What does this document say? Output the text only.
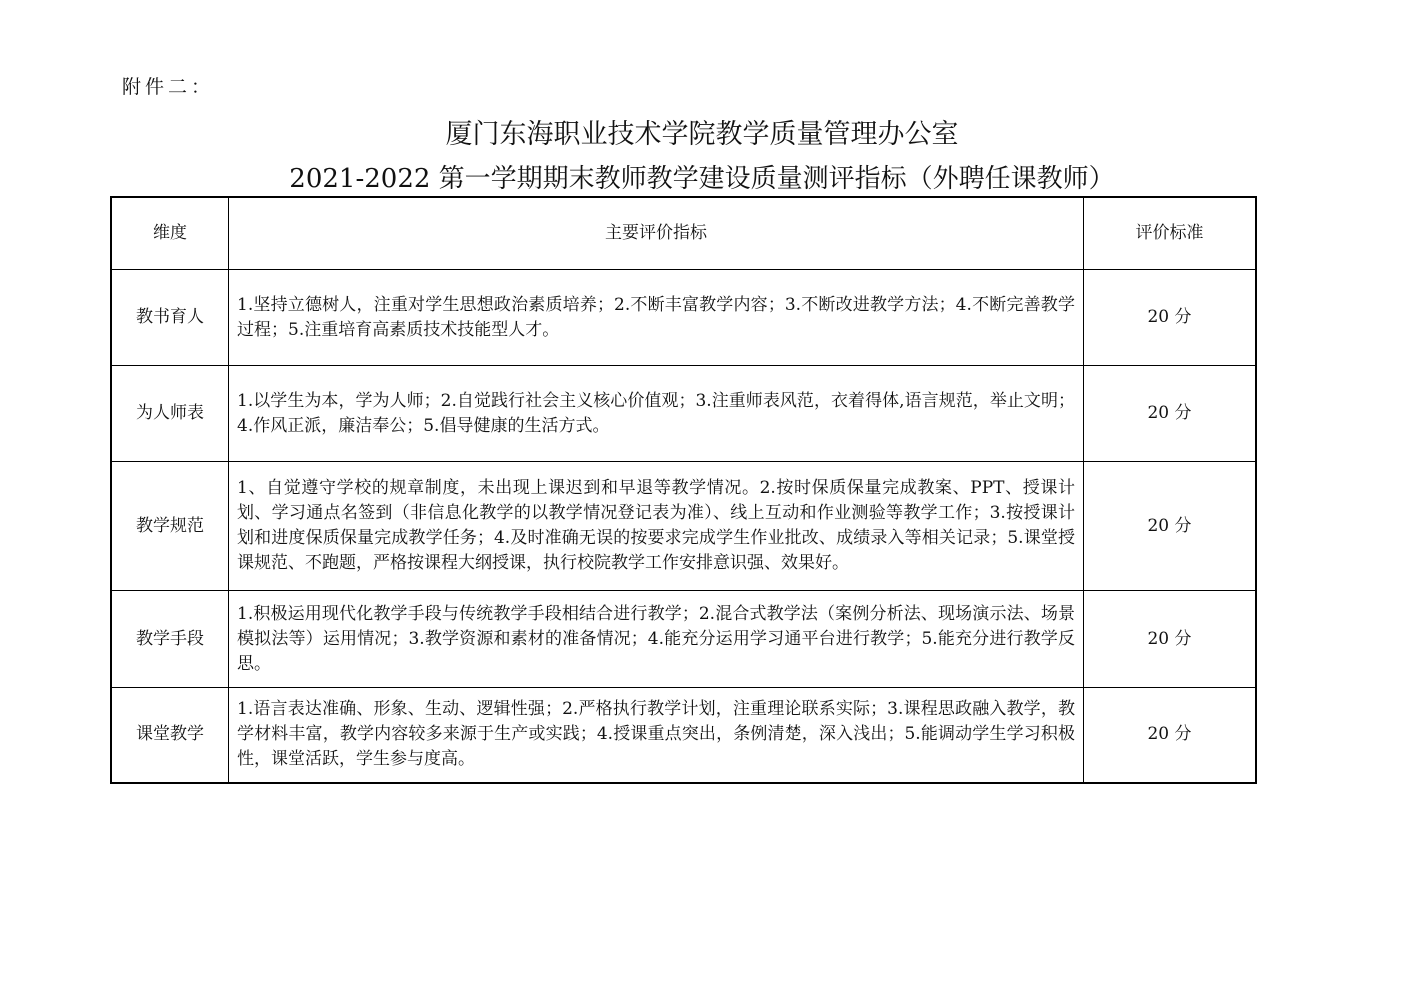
附件二：
厦门东海职业技术学院教学质量管理办公室
2021-2022 第一学期期末教师教学建设质量测评指标（外聘任课教师）
维度	主要评价指标	评价标准
教书育人	1.坚持立德树人，注重对学生思想政治素质培养；2.不断丰富教学内容；3.不断改进教学方法；4.不断完善教学过程；5.注重培育高素质技术技能型人才。	20 分
为人师表	1.以学生为本，学为人师；2.自觉践行社会主义核心价值观；3.注重师表风范，衣着得体,语言规范，举止文明；4.作风正派，廉洁奉公；5.倡导健康的生活方式。	20 分
教学规范	1、自觉遵守学校的规章制度，未出现上课迟到和早退等教学情况。2.按时保质保量完成教案、PPT、授课计划、学习通点名签到（非信息化教学的以教学情况登记表为准）、线上互动和作业测验等教学工作；3.按授课计划和进度保质保量完成教学任务；4.及时准确无误的按要求完成学生作业批改、成绩录入等相关记录；5.课堂授课规范、不跑题，严格按课程大纲授课，执行校院教学工作安排意识强、效果好。	20 分
教学手段	1.积极运用现代化教学手段与传统教学手段相结合进行教学；2.混合式教学法（案例分析法、现场演示法、场景模拟法等）运用情况；3.教学资源和素材的准备情况；4.能充分运用学习通平台进行教学；5.能充分进行教学反思。	20 分
课堂教学	1.语言表达准确、形象、生动、逻辑性强；2.严格执行教学计划，注重理论联系实际；3.课程思政融入教学，教学材料丰富，教学内容较多来源于生产或实践；4.授课重点突出，条例清楚，深入浅出；5.能调动学生学习积极性，课堂活跃，学生参与度高。	20 分
